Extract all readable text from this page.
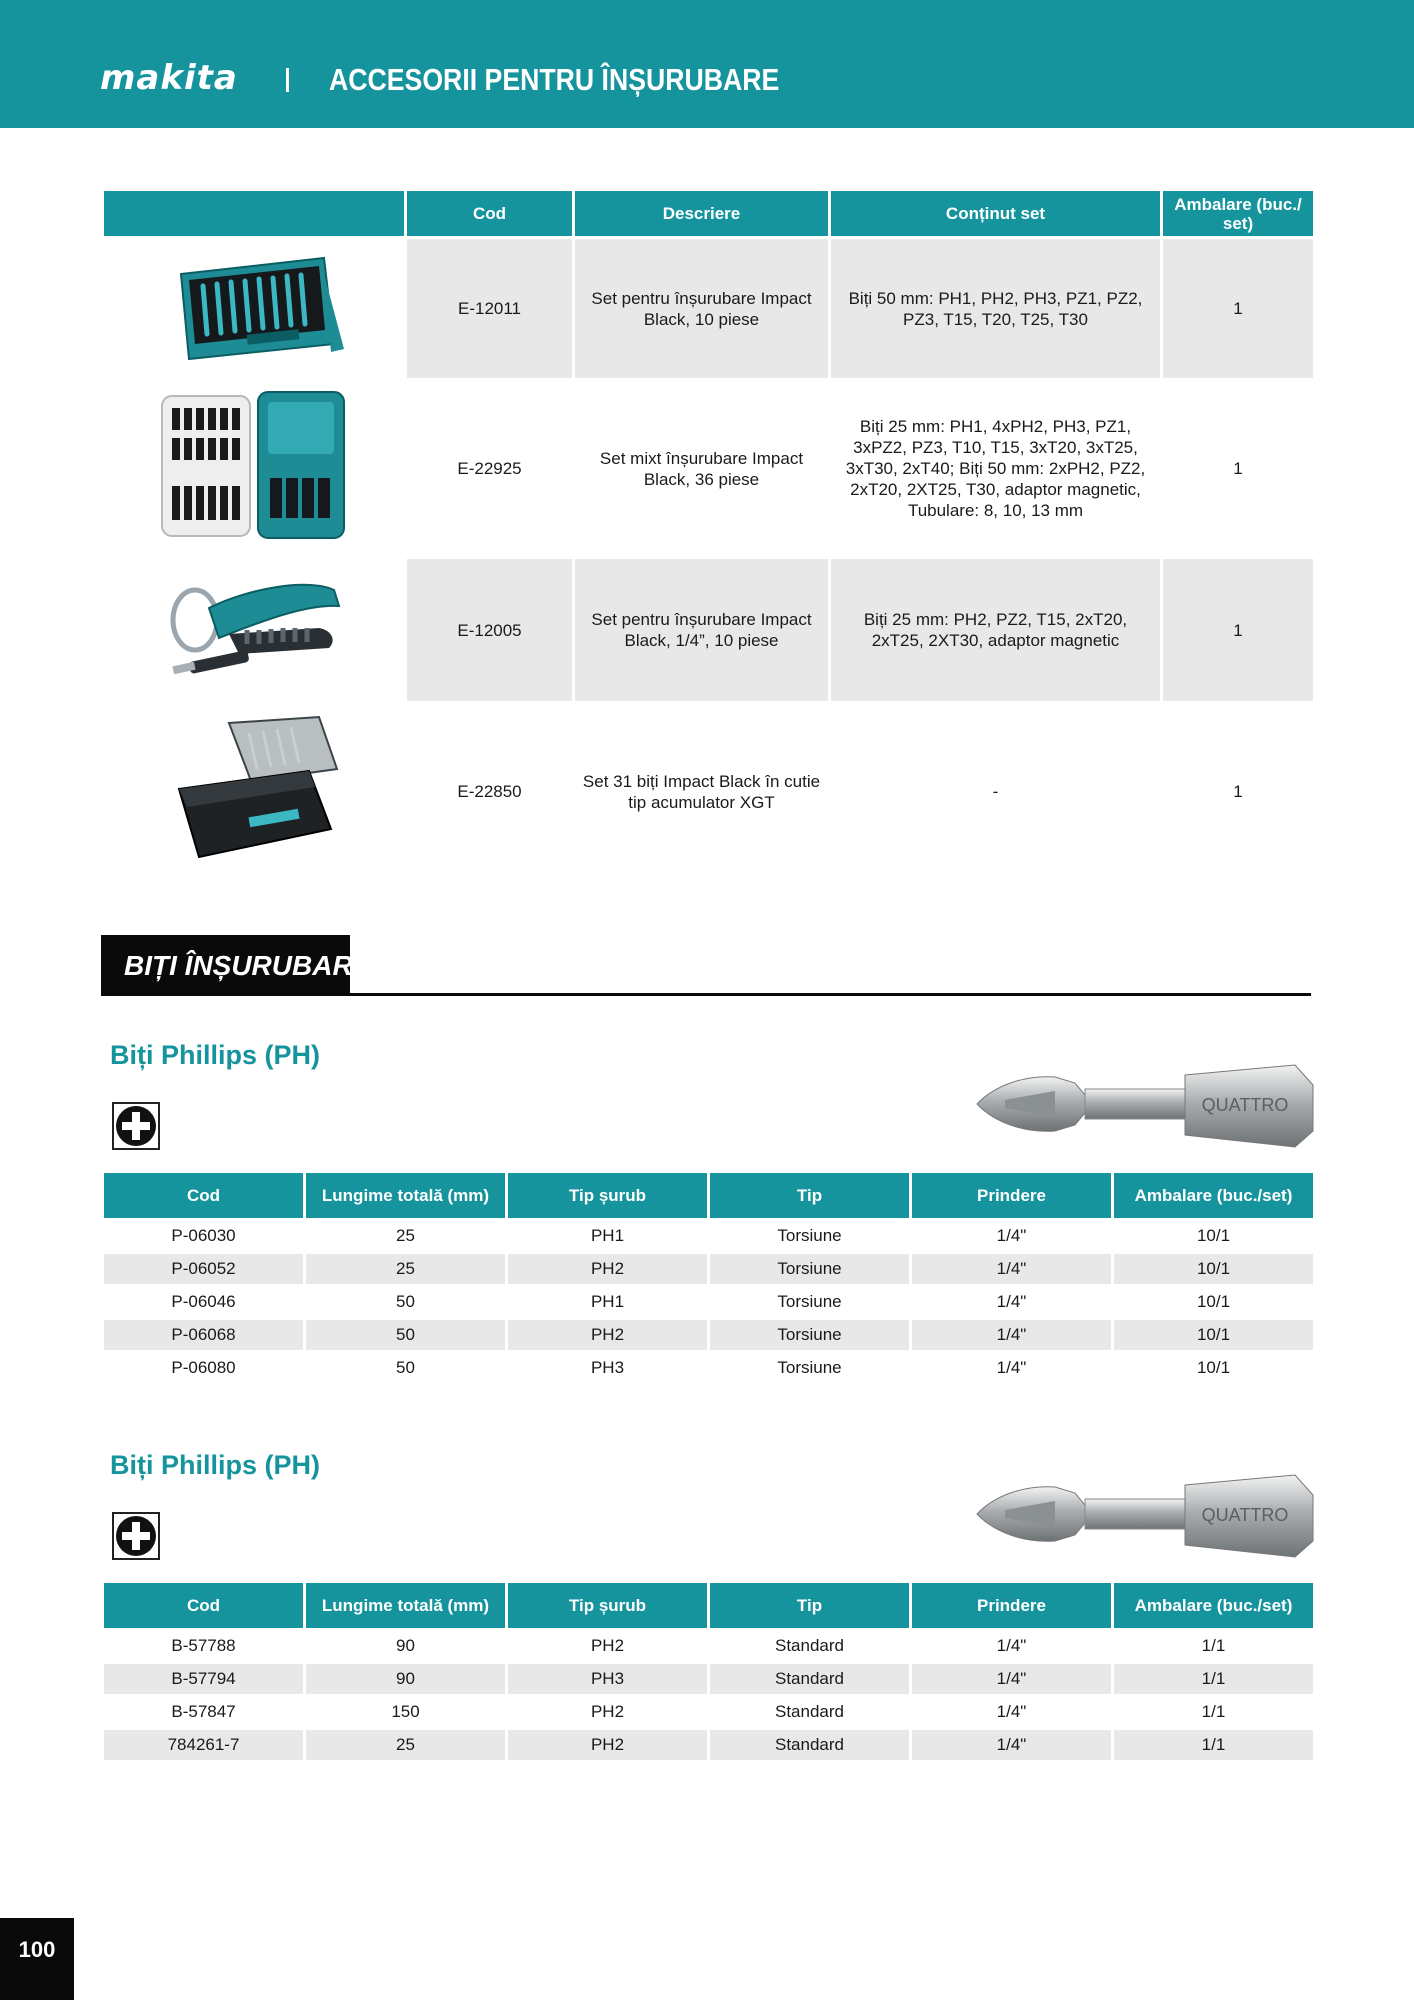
makita	ACCESORII PENTRU ÎNȘURUBARE
	Cod	Descriere	Conținut set	Ambalare (buc./ set)
	E-12011	Set pentru înșurubare Impact Black, 10 piese	Biți 50 mm: PH1, PH2, PH3, PZ1, PZ2, PZ3, T15, T20, T25, T30	1
	E-22925	Set mixt înșurubare Impact Black, 36 piese	Biți 25 mm: PH1, 4xPH2, PH3, PZ1, 3xPZ2, PZ3, T10, T15, 3xT20, 3xT25, 3xT30, 2xT40; Biți 50 mm: 2xPH2, PZ2, 2xT20, 2XT25, T30, adaptor magnetic, Tubulare: 8, 10, 13 mm	1
	E-12005	Set pentru înșurubare Impact Black, 1/4”, 10 piese	Biți 25 mm: PH2, PZ2, T15, 2xT20, 2xT25, 2XT30, adaptor magnetic	1
	E-22850	Set 31 biți Impact Black în cutie tip acumulator XGT	-	1
BIȚI ÎNȘURUBARE
Biți Phillips (PH)
QUATTRO
Cod	Lungime totală (mm)	Tip șurub	Tip	Prindere	Ambalare (buc./set)
P-06030	25	PH1	Torsiune	1/4"	10/1
P-06052	25	PH2	Torsiune	1/4"	10/1
P-06046	50	PH1	Torsiune	1/4"	10/1
P-06068	50	PH2	Torsiune	1/4"	10/1
P-06080	50	PH3	Torsiune	1/4"	10/1
Biți Phillips (PH)
QUATTRO
Cod	Lungime totală (mm)	Tip șurub	Tip	Prindere	Ambalare (buc./set)
B-57788	90	PH2	Standard	1/4"	1/1
B-57794	90	PH3	Standard	1/4"	1/1
B-57847	150	PH2	Standard	1/4"	1/1
784261-7	25	PH2	Standard	1/4"	1/1
100
